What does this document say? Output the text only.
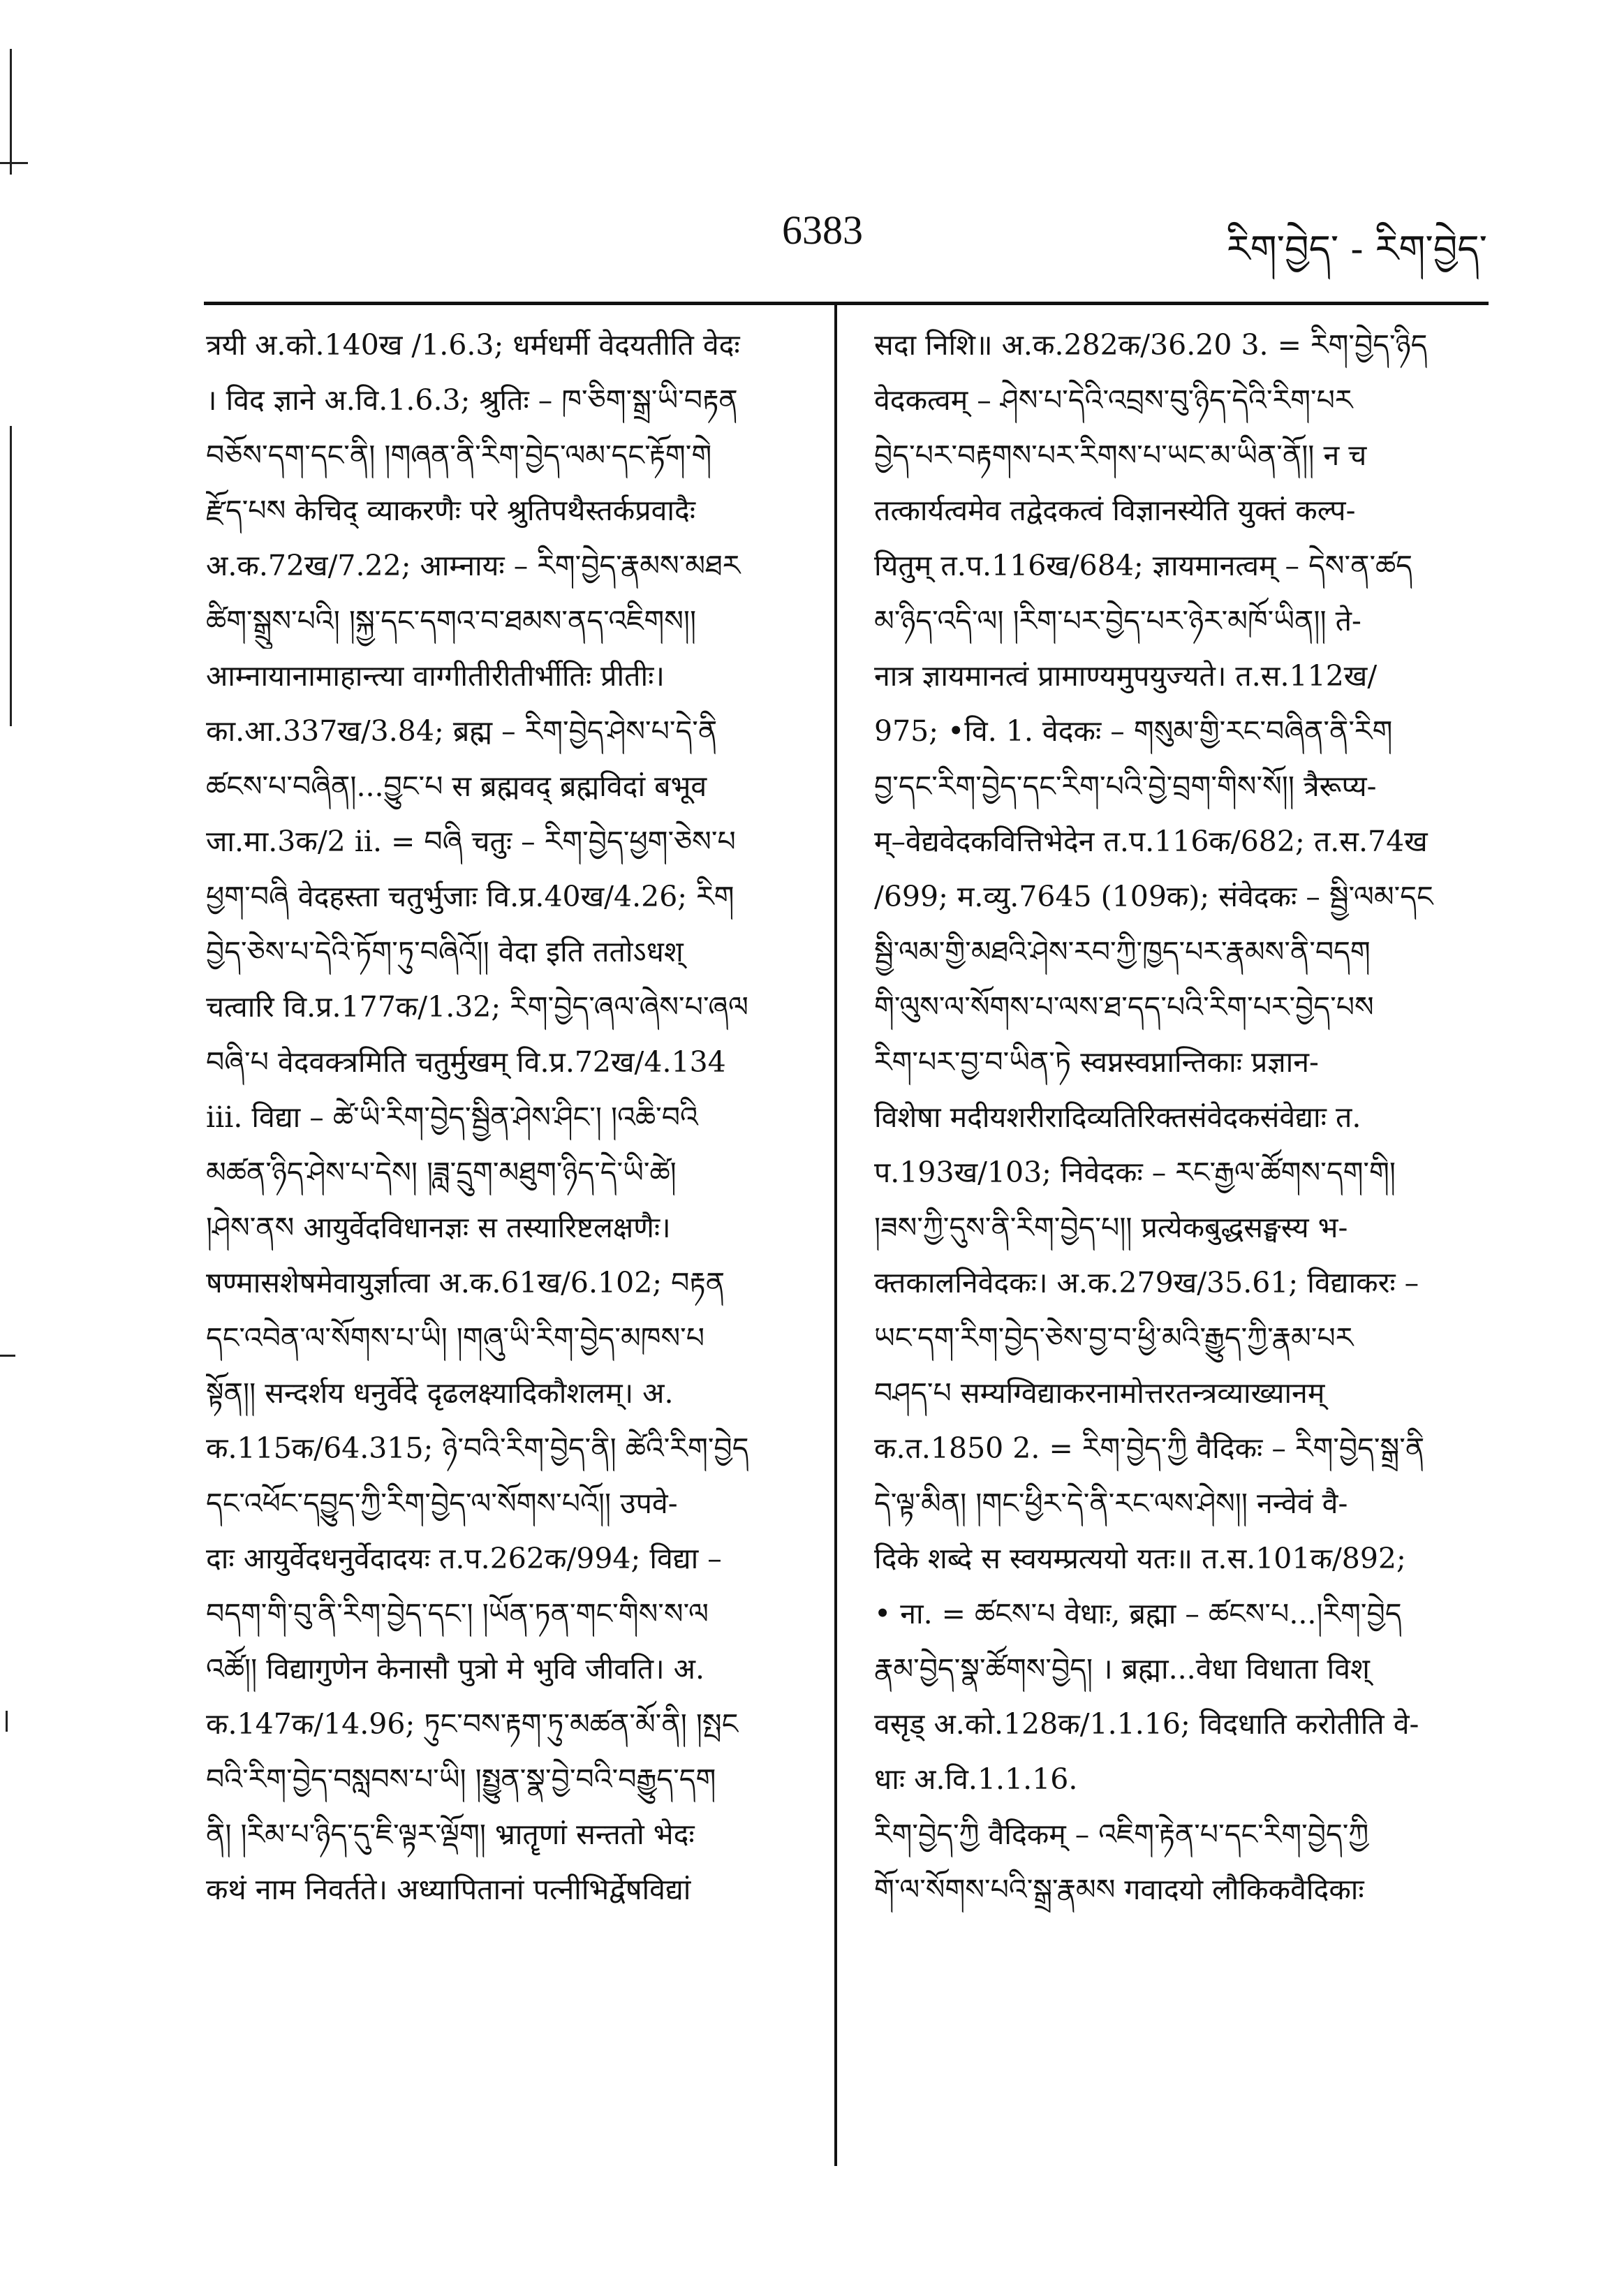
6383	རིག་བྱེད་ - རིག་བྱེད་
त्रयी अ.को.140ख /1.6.3; धर्मधर्मी वेदयतीति वेदः
। विद ज्ञाने अ.वि.1.6.3; श्रुतिः – ཁ་ཅིག་སྒྲ་ཡི་བརྟན
བཅོས་དག་དང་ནི། །གཞན་ནི་རིག་བྱེད་ལམ་དང་རྟོག་གེ
རྫོད་པས केचिद् व्याकरणैः परे श्रुतिपथैस्तर्कप्रवादैः
अ.क.72ख/7.22; आम्नायः – རིག་བྱེད་རྣམས་མཐར
ཚིག་སྒྲུས་པའི། །སྐྱ་དང་དགའ་བ་ཐམས་ནད་འཇིགས།།
आम्नायानामाहान्त्या वाग्गीतीरीतीर्भीतिः प्रीतीः।
का.आ.337ख/3.84; ब्रह्म – རིག་བྱེད་ཤེས་པ་དེ་ནི
ཚངས་པ་བཞིན།...བྱུང་པ स ब्रह्मवद् ब्रह्मविदां बभूव
जा.मा.3क/2 ii. = བཞི चतुः – རིག་བྱེད་ཕྱག་ཅེས་པ
ཕྱག་བཞི वेदहस्ता चतुर्भुजाः वि.प्र.40ख/4.26; རིག
བྱེད་ཅེས་པ་དེའི་ཏོག་ཏུ་བཞིའོ།། वेदा इति ततोऽधश्
चत्वारि वि.प्र.177क/1.32; རིག་བྱེད་ཞལ་ཞེས་པ་ཞལ
བཞི་པ वेदवक्त्रमिति चतुर्मुखम् वि.प्र.72ख/4.134
iii. विद्या – ཚེ་ཡི་རིག་བྱེད་སྦྱིན་ཤེས་ཤིང་། །འཆི་བའི
མཚན་ཉིད་ཤེས་པ་དེས། །ཟླ་དྲུག་མཐུག་ཉིད་དེ་ཡི་ཚེ།
།ཤེས་ནས आयुर्वेदविधानज्ञः स तस्यारिष्टलक्षणैः।
षण्मासशेषमेवायुर्ज्ञात्वा अ.क.61ख/6.102; བརྟན
དང་འབེན་ལ་སོགས་པ་ཡི། །གཞུ་ཡི་རིག་བྱེད་མཁས་པ
སྟོན།། सन्दर्शय धनुर्वेदे दृढलक्ष्यादिकौशलम्। अ.
क.115क/64.315; ཉེ་བའི་རིག་བྱེད་ནི། ཚེའི་རིག་བྱེད
དང་འཕོང་དབྱུད་ཀྱི་རིག་བྱེད་ལ་སོགས་པའོ།། उपवे-
दाः आयुर्वेदधनुर्वेदादयः त.प.262क/994; विद्या –
བདག་གི་བུ་ནི་རིག་བྱེད་དང་། །ཡོན་ཏན་གང་གིས་ས་ལ
འཚོ།། विद्यागुणेन केनासौ पुत्रो मे भुवि जीवति। अ.
क.147क/14.96; ཏུང་བས་རྟག་ཏུ་མཚན་མོ་ནི། །སྤང
བའི་རིག་བྱེད་བསླབས་པ་ཡི། །སྤྱུན་སྣ་བྱེ་བའི་བརྒྱུད་དག
ནི། །རིམ་པ་ཉིད་དུ་ཇི་ལྟར་ལྡོག། भ्रातॄणां सन्ततो भेदः
कथं नाम निवर्तते। अध्यापितानां पत्नीभिर्द्वेषविद्यां
सदा निशि॥ अ.क.282क/36.20 3. = རིག་བྱེད་ཉིད
वेदकत्वम् – ཤེས་པ་དེའི་འབྲས་བུ་ཉིད་དེའི་རིག་པར
བྱེད་པར་བརྟགས་པར་རིགས་པ་ཡང་མ་ཡིན་ནོ།། न च
तत्कार्यत्वमेव तद्वेदकत्वं विज्ञानस्येति युक्तं कल्प-
यितुम् त.प.116ख/684; ज्ञायमानत्वम् – དེས་ན་ཚད
མ་ཉིད་འདི་ལ། །རིག་པར་བྱེད་པར་ཉེར་མཁོ་ཡིན།། ते-
नात्र ज्ञायमानत्वं प्रामाण्यमुपयुज्यते। त.स.112ख/
975; •वि. 1. वेदकः – གསུམ་གྱི་རང་བཞིན་ནི་རིག
བྱ་དང་རིག་བྱེད་དང་རིག་པའི་བྱེ་བྲག་གིས་སོ།། त्रैरूप्य-
म्–वेद्यवेदकवित्तिभेदेन त.प.116क/682; त.स.74ख
/699; म.व्यु.7645 (109क); संवेदकः – སྦྱི་ལམ་དང
སྦྱི་ལམ་གྱི་མཐའི་ཤེས་རབ་ཀྱི་ཁྱད་པར་རྣམས་ནི་བདག
གི་ལུས་ལ་སོགས་པ་ལས་ཐ་དད་པའི་རིག་པར་བྱེད་པས
རིག་པར་བྱ་བ་ཡིན་ཏེ स्वप्नस्वप्नान्तिकाः प्रज्ञान-
विशेषा मदीयशरीरादिव्यतिरिक्तसंवेदकसंवेद्याः त.
प.193ख/103; निवेदकः – རང་རྒྱལ་ཚོགས་དག་གི།
།ཟས་ཀྱི་དུས་ནི་རིག་བྱེད་པ།། प्रत्येकबुद्धसङ्घस्य भ-
क्तकालनिवेदकः। अ.क.279ख/35.61; विद्याकरः –
ཡང་དག་རིག་བྱེད་ཅེས་བྱ་བ་ཕྱི་མའི་རྒྱུད་ཀྱི་རྣམ་པར
བཤད་པ सम्यग्विद्याकरनामोत्तरतन्त्रव्याख्यानम्
क.त.1850 2. = རིག་བྱེད་ཀྱི वैदिकः – རིག་བྱེད་སྒྲ་ནི
དེ་ལྟ་མིན། །གང་ཕྱིར་དེ་ནི་རང་ལས་ཤེས།། नन्वेवं वै-
दिके शब्दे स स्वयम्प्रत्ययो यतः॥ त.स.101क/892;
• ना. = ཚངས་པ वेधाः, ब्रह्मा – ཚངས་པ...།རིག་བྱེད
རྣམ་བྱེད་སྣ་ཚོགས་བྱེད། । ब्रह्मा...वेधा विधाता विश्
वसृड् अ.को.128क/1.1.16; विदधाति करोतीति वे-
धाः अ.वि.1.1.16.
རིག་བྱེད་ཀྱི वैदिकम् – འཇིག་རྟེན་པ་དང་རིག་བྱེད་ཀྱི
གོ་ལ་སོགས་པའི་སྒྲ་རྣམས गवादयो लौकिकवैदिकाः
